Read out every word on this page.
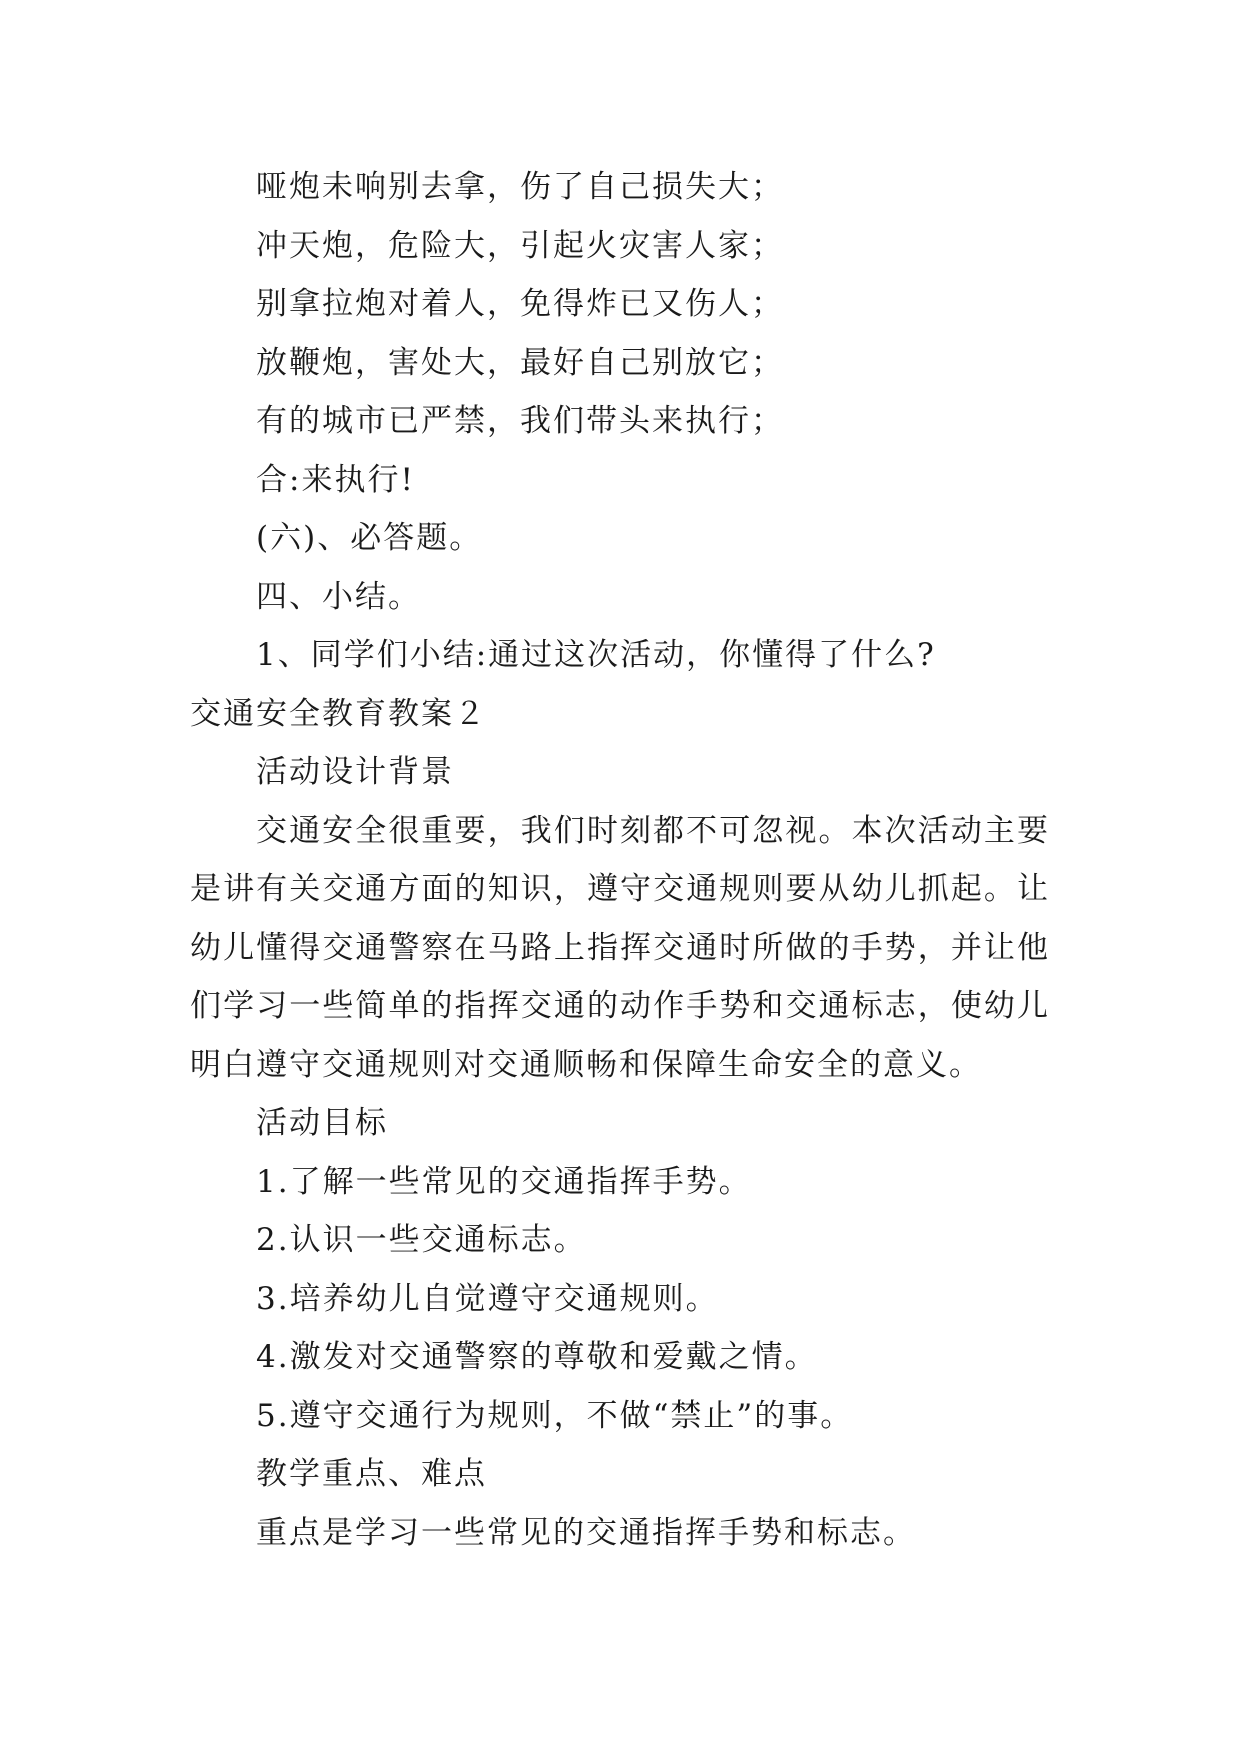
哑炮未响别去拿，伤了自己损失大；
冲天炮，危险大，引起火灾害人家；
别拿拉炮对着人，免得炸已又伤人；
放鞭炮，害处大，最好自己别放它；
有的城市已严禁，我们带头来执行；
合:来执行!
(六)、必答题。
四、小结。
1、同学们小结:通过这次活动，你懂得了什么?
交通安全教育教案２
活动设计背景
交通安全很重要，我们时刻都不可忽视。本次活动主要是讲有关交通方面的知识，遵守交通规则要从幼儿抓起。让幼儿懂得交通警察在马路上指挥交通时所做的手势，并让他们学习一些简单的指挥交通的动作手势和交通标志，使幼儿明白遵守交通规则对交通顺畅和保障生命安全的意义。
活动目标
1.了解一些常见的交通指挥手势。
2.认识一些交通标志。
3.培养幼儿自觉遵守交通规则。
4.激发对交通警察的尊敬和爱戴之情。
5.遵守交通行为规则，不做“禁止”的事。
教学重点、难点
重点是学习一些常见的交通指挥手势和标志。
